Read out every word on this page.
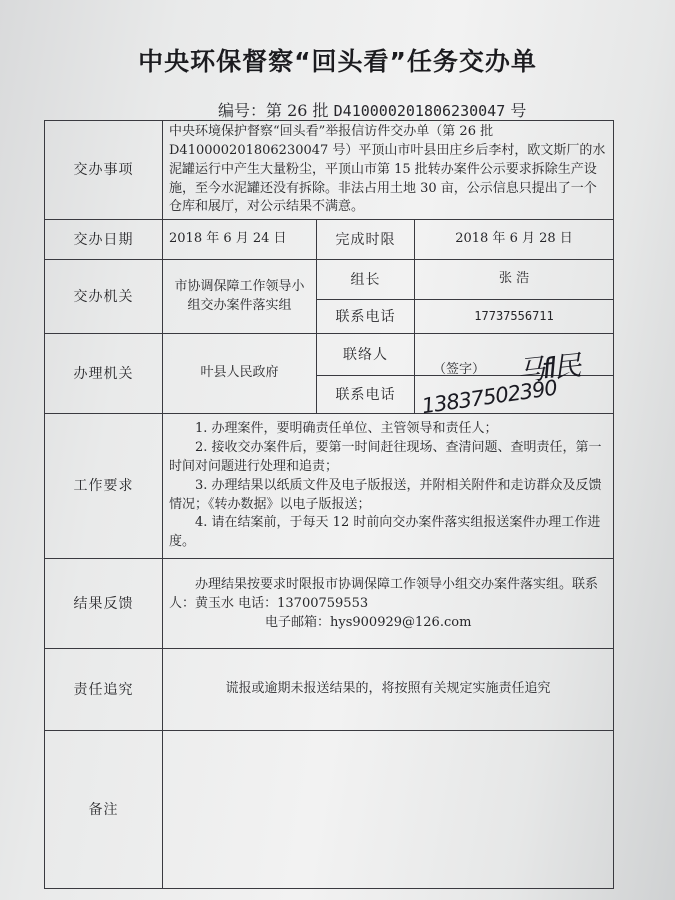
中央环保督察“回头看”任务交办单
编号：第 26 批 D410000201806230047 号
交办事项	中央环境保护督察“回头看”举报信访件交办单（第 26 批 D410000201806230047 号）平顶山市叶县田庄乡后李村，欧文斯厂的水泥罐运行中产生大量粉尘，平顶山市第 15 批转办案件公示要求拆除生产设施，至今水泥罐还没有拆除。非法占用土地 30 亩，公示信息只提出了一个仓库和展厅，对公示结果不满意。		
交办日期	2018 年 6 月 24 日	完成时限	2018 年 6 月 28 日
交办机关	市协调保障工作领导小组交办案件落实组	组长	张 浩
		联系电话	17737556711
办理机关	叶县人民政府	联络人	（签字） 马fl民

		联系电话	13837502390
工作要求	1. 办理案件，要明确责任单位、主管领导和责任人；

2. 接收交办案件后，要第一时间赶往现场、查清问题、查明责任，第一时间对问题进行处理和追责；

3. 办理结果以纸质文件及电子版报送，并附相关附件和走访群众及反馈情况；《转办数据》以电子版报送；

4. 请在结案前，于每天 12 时前向交办案件落实组报送案件办理工作进度。		

结果反馈	办理结果按要求时限报市协调保障工作领导小组交办案件落实组。联系人：黄玉水 电话：13700759553

电子邮箱：hys900929@126.com		

责任追究	谎报或逾期未报送结果的，将按照有关规定实施责任追究		
备注			
